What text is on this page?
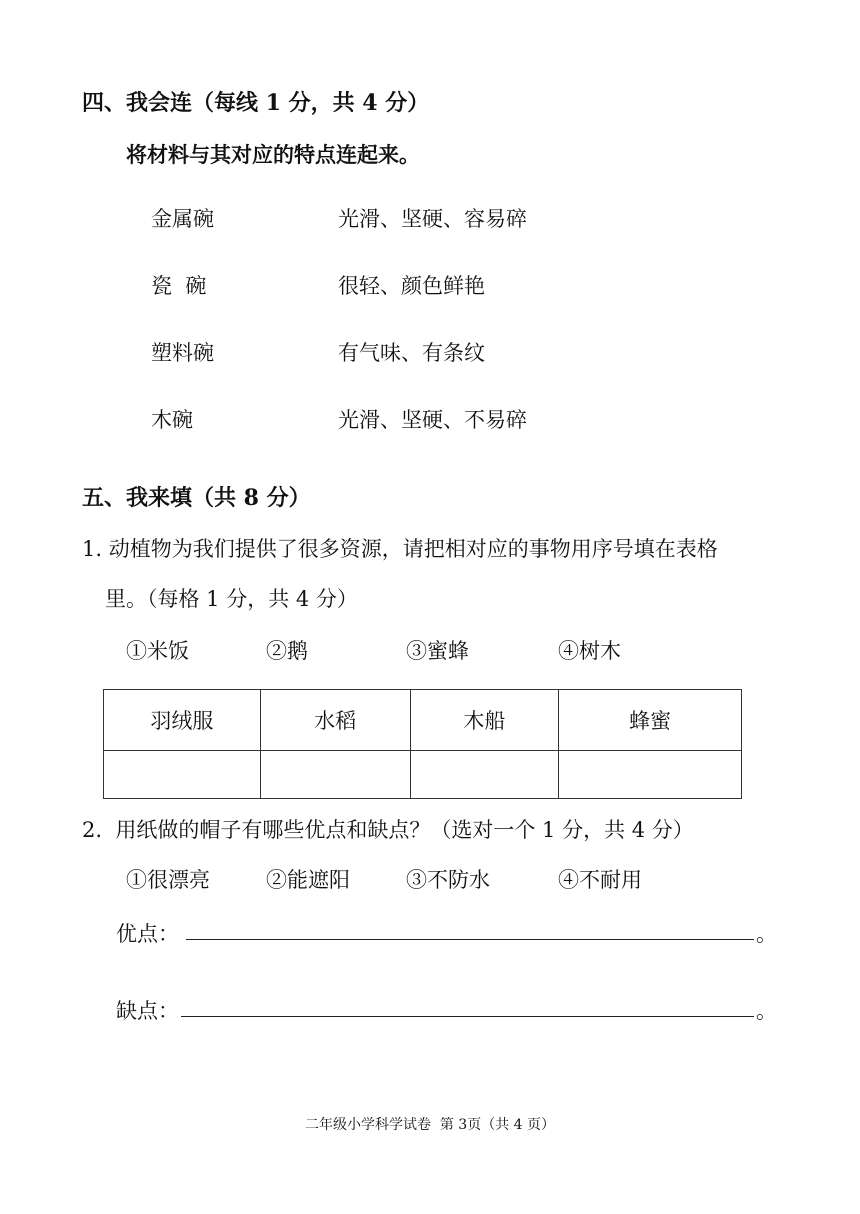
四、我会连（每线 1 分，共 4 分）
将材料与其对应的特点连起来。
金属碗	光滑、坚硬、容易碎
瓷  碗	很轻、颜色鲜艳
塑料碗	有气味、有条纹
木碗	光滑、坚硬、不易碎
五、我来填（共 8 分）
1. 动植物为我们提供了很多资源，请把相对应的事物用序号填在表格
里。（每格 1 分，共 4 分）
①米饭	②鹅	③蜜蜂	④树木
羽绒服	水稻	木船	蜂蜜

2.  用纸做的帽子有哪些优点和缺点？（选对一个 1 分，共 4 分）
①很漂亮	②能遮阳	③不防水	④不耐用
优点：	。
缺点：	。
二年级小学科学试卷  第 3页（共 4 页）
